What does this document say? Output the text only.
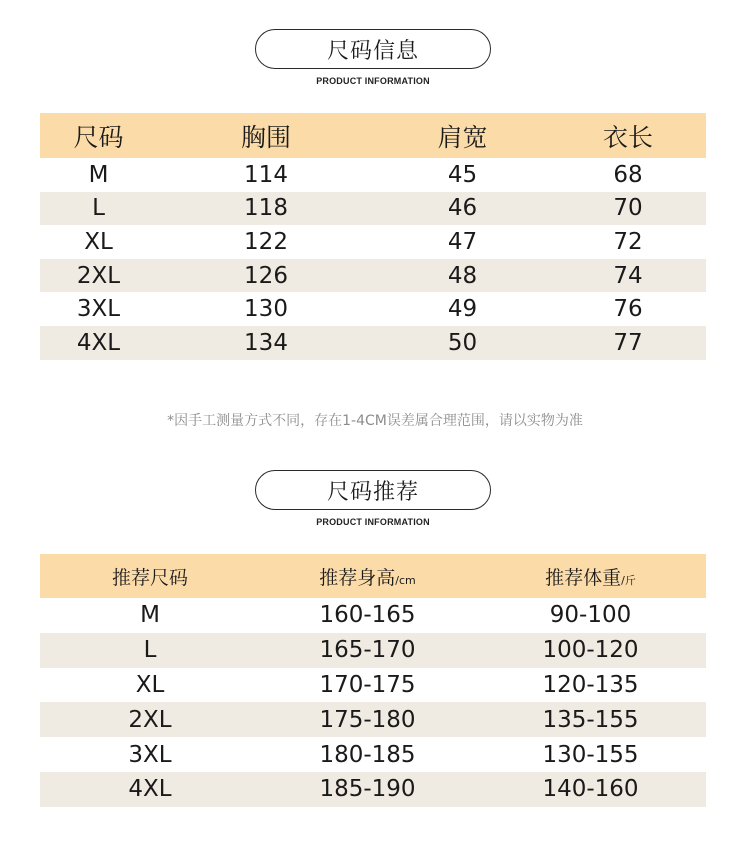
尺码信息
PRODUCT INFORMATION
尺码	胸围	肩宽	衣长
M	114	45	68
L	118	46	70
XL	122	47	72
2XL	126	48	74
3XL	130	49	76
4XL	134	50	77
*因手工测量方式不同，存在1-4CM误差属合理范围，请以实物为准
尺码推荐
PRODUCT INFORMATION
推荐尺码	推荐身高/cm	推荐体重/斤
M	160-165	90-100
L	165-170	100-120
XL	170-175	120-135
2XL	175-180	135-155
3XL	180-185	130-155
4XL	185-190	140-160
